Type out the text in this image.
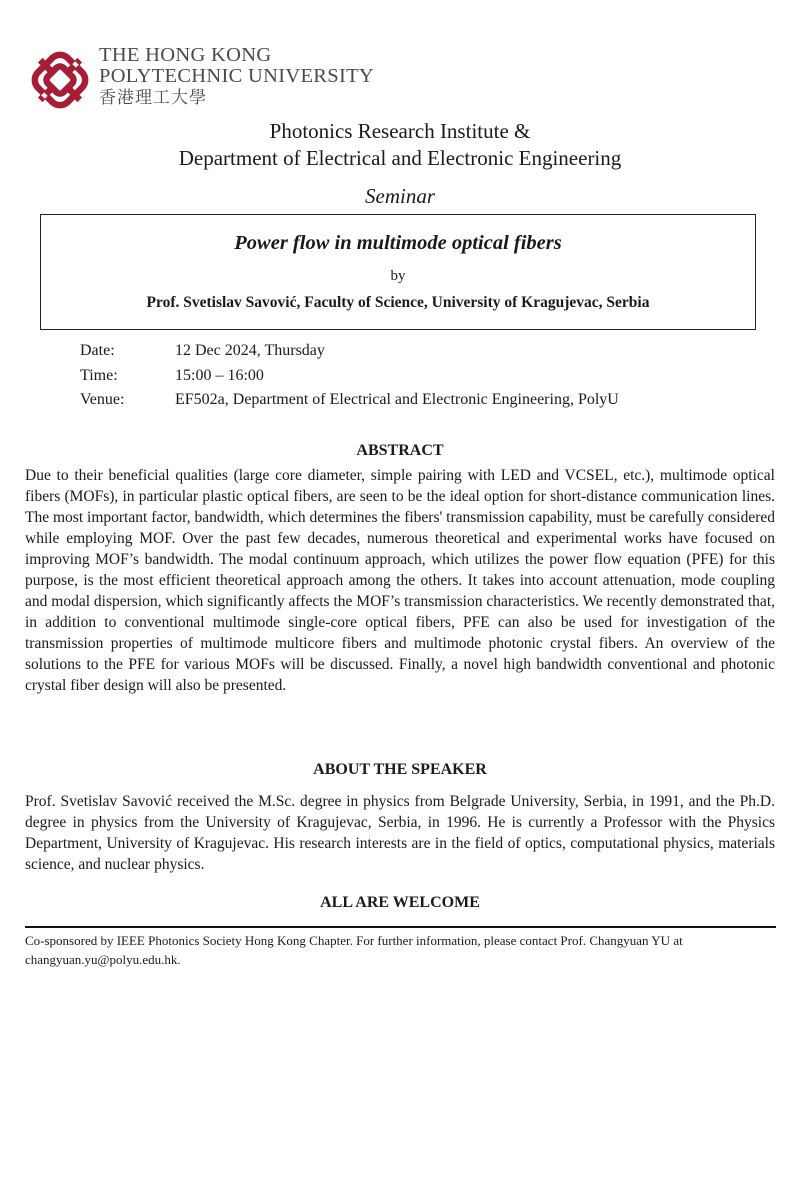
THE HONG KONG
POLYTECHNIC UNIVERSITY
香港理工大學
Photonics Research Institute &
Department of Electrical and Electronic Engineering
Seminar
Power flow in multimode optical fibers
by
Prof. Svetislav Savović, Faculty of Science, University of Kragujevac, Serbia
Date:	12 Dec 2024, Thursday
Time:	15:00 – 16:00
Venue:	EF502a, Department of Electrical and Electronic Engineering, PolyU
ABSTRACT
Due to their beneficial qualities (large core diameter, simple pairing with LED and VCSEL, etc.), multimode optical fibers (MOFs), in particular plastic optical fibers, are seen to be the ideal option for short-distance communication lines. The most important factor, bandwidth, which determines the fibers' transmission capability, must be carefully considered while employing MOF. Over the past few decades, numerous theoretical and experimental works have focused on improving MOF’s bandwidth. The modal continuum approach, which utilizes the power flow equation (PFE) for this purpose, is the most efficient theoretical approach among the others. It takes into account attenuation, mode coupling and modal dispersion, which significantly affects the MOF’s transmission characteristics. We recently demonstrated that, in addition to conventional multimode single-core optical fibers, PFE can also be used for investigation of the transmission properties of multimode multicore fibers and multimode photonic crystal fibers. An overview of the solutions to the PFE for various MOFs will be discussed. Finally, a novel high bandwidth conventional and photonic crystal fiber design will also be presented.
ABOUT THE SPEAKER
Prof. Svetislav Savović received the M.Sc. degree in physics from Belgrade University, Serbia, in 1991, and the Ph.D. degree in physics from the University of Kragujevac, Serbia, in 1996. He is currently a Professor with the Physics Department, University of Kragujevac. His research interests are in the field of optics, computational physics, materials science, and nuclear physics.
ALL ARE WELCOME
Co-sponsored by IEEE Photonics Society Hong Kong Chapter. For further information, please contact Prof. Changyuan YU at changyuan.yu@polyu.edu.hk.
